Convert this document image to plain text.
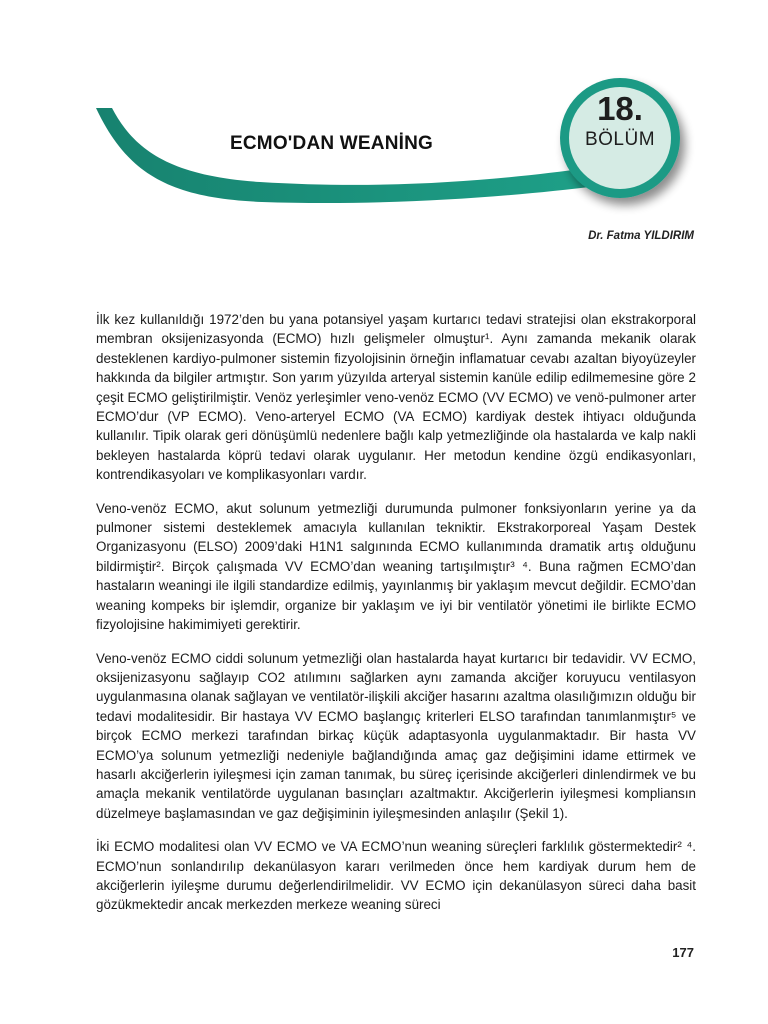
ECMO'DAN WEANİNG
18.
BÖLÜM
Dr. Fatma YILDIRIM

İlk kez kullanıldığı 1972’den bu yana potansiyel yaşam kurtarıcı tedavi stratejisi olan ekstrakorporal membran oksijenizasyonda (ECMO) hızlı gelişmeler olmuştur¹. Aynı zamanda mekanik olarak desteklenen kardiyo-pulmoner sistemin fizyolojisinin örneğin inflamatuar cevabı azaltan biyoyüzeyler hakkında da bilgiler artmıştır. Son yarım yüzyılda arteryal sistemin kanüle edilip edilmemesine göre 2 çeşit ECMO geliştirilmiştir. Venöz yerleşimler veno-venöz ECMO (VV ECMO) ve venö-pulmoner arter ECMO’dur (VP ECMO). Veno-arteryel ECMO (VA ECMO) kardiyak destek ihtiyacı olduğunda kullanılır. Tipik olarak geri dönüşümlü nedenlere bağlı kalp yetmezliğinde ola hastalarda ve kalp nakli bekleyen hastalarda köprü tedavi olarak uygulanır. Her metodun kendine özgü endikasyonları, kontrendikasyoları ve komplikasyonları vardır.

Veno-venöz ECMO, akut solunum yetmezliği durumunda pulmoner fonksiyonların yerine ya da pulmoner sistemi desteklemek amacıyla kullanılan tekniktir. Ekstrakorporeal Yaşam Destek Organizasyonu (ELSO) 2009’daki H1N1 salgınında ECMO kullanımında dramatik artış olduğunu bildirmiştir². Birçok çalışmada VV ECMO’dan weaning tartışılmıştır³ ⁴. Buna rağmen ECMO’dan hastaların weaningi ile ilgili standardize edilmiş, yayınlanmış bir yaklaşım mevcut değildir. ECMO’dan weaning kompeks bir işlemdir, organize bir yaklaşım ve iyi bir ventilatör yönetimi ile birlikte ECMO fizyolojisine hakimimiyeti gerektirir.

Veno-venöz ECMO ciddi solunum yetmezliği olan hastalarda hayat kurtarıcı bir tedavidir. VV ECMO, oksijenizasyonu sağlayıp CO2 atılımını sağlarken aynı zamanda akciğer koruyucu ventilasyon uygulanmasına olanak sağlayan ve ventilatör-ilişkili akciğer hasarını azaltma olasılığımızın olduğu bir tedavi modalitesidir. Bir hastaya VV ECMO başlangıç kriterleri ELSO tarafından tanımlanmıştır⁵ ve birçok ECMO merkezi tarafından birkaç küçük adaptasyonla uygulanmaktadır. Bir hasta VV ECMO’ya solunum yetmezliği nedeniyle bağlandığında amaç gaz değişimini idame ettirmek ve hasarlı akciğerlerin iyileşmesi için zaman tanımak, bu süreç içerisinde akciğerleri dinlendirmek ve bu amaçla mekanik ventilatörde uygulanan basınçları azaltmaktır. Akciğerlerin iyileşmesi kompliansın düzelmeye başlamasından ve gaz değişiminin iyileşmesinden anlaşılır (Şekil 1).

İki ECMO modalitesi olan VV ECMO ve VA ECMO’nun weaning süreçleri farklılık göstermektedir² ⁴. ECMO’nun sonlandırılıp dekanülasyon kararı verilmeden önce hem kardiyak durum hem de akciğerlerin iyileşme durumu değerlendirilmelidir. VV ECMO için dekanülasyon süreci daha basit gözükmektedir ancak merkezden merkeze weaning süreci

177
